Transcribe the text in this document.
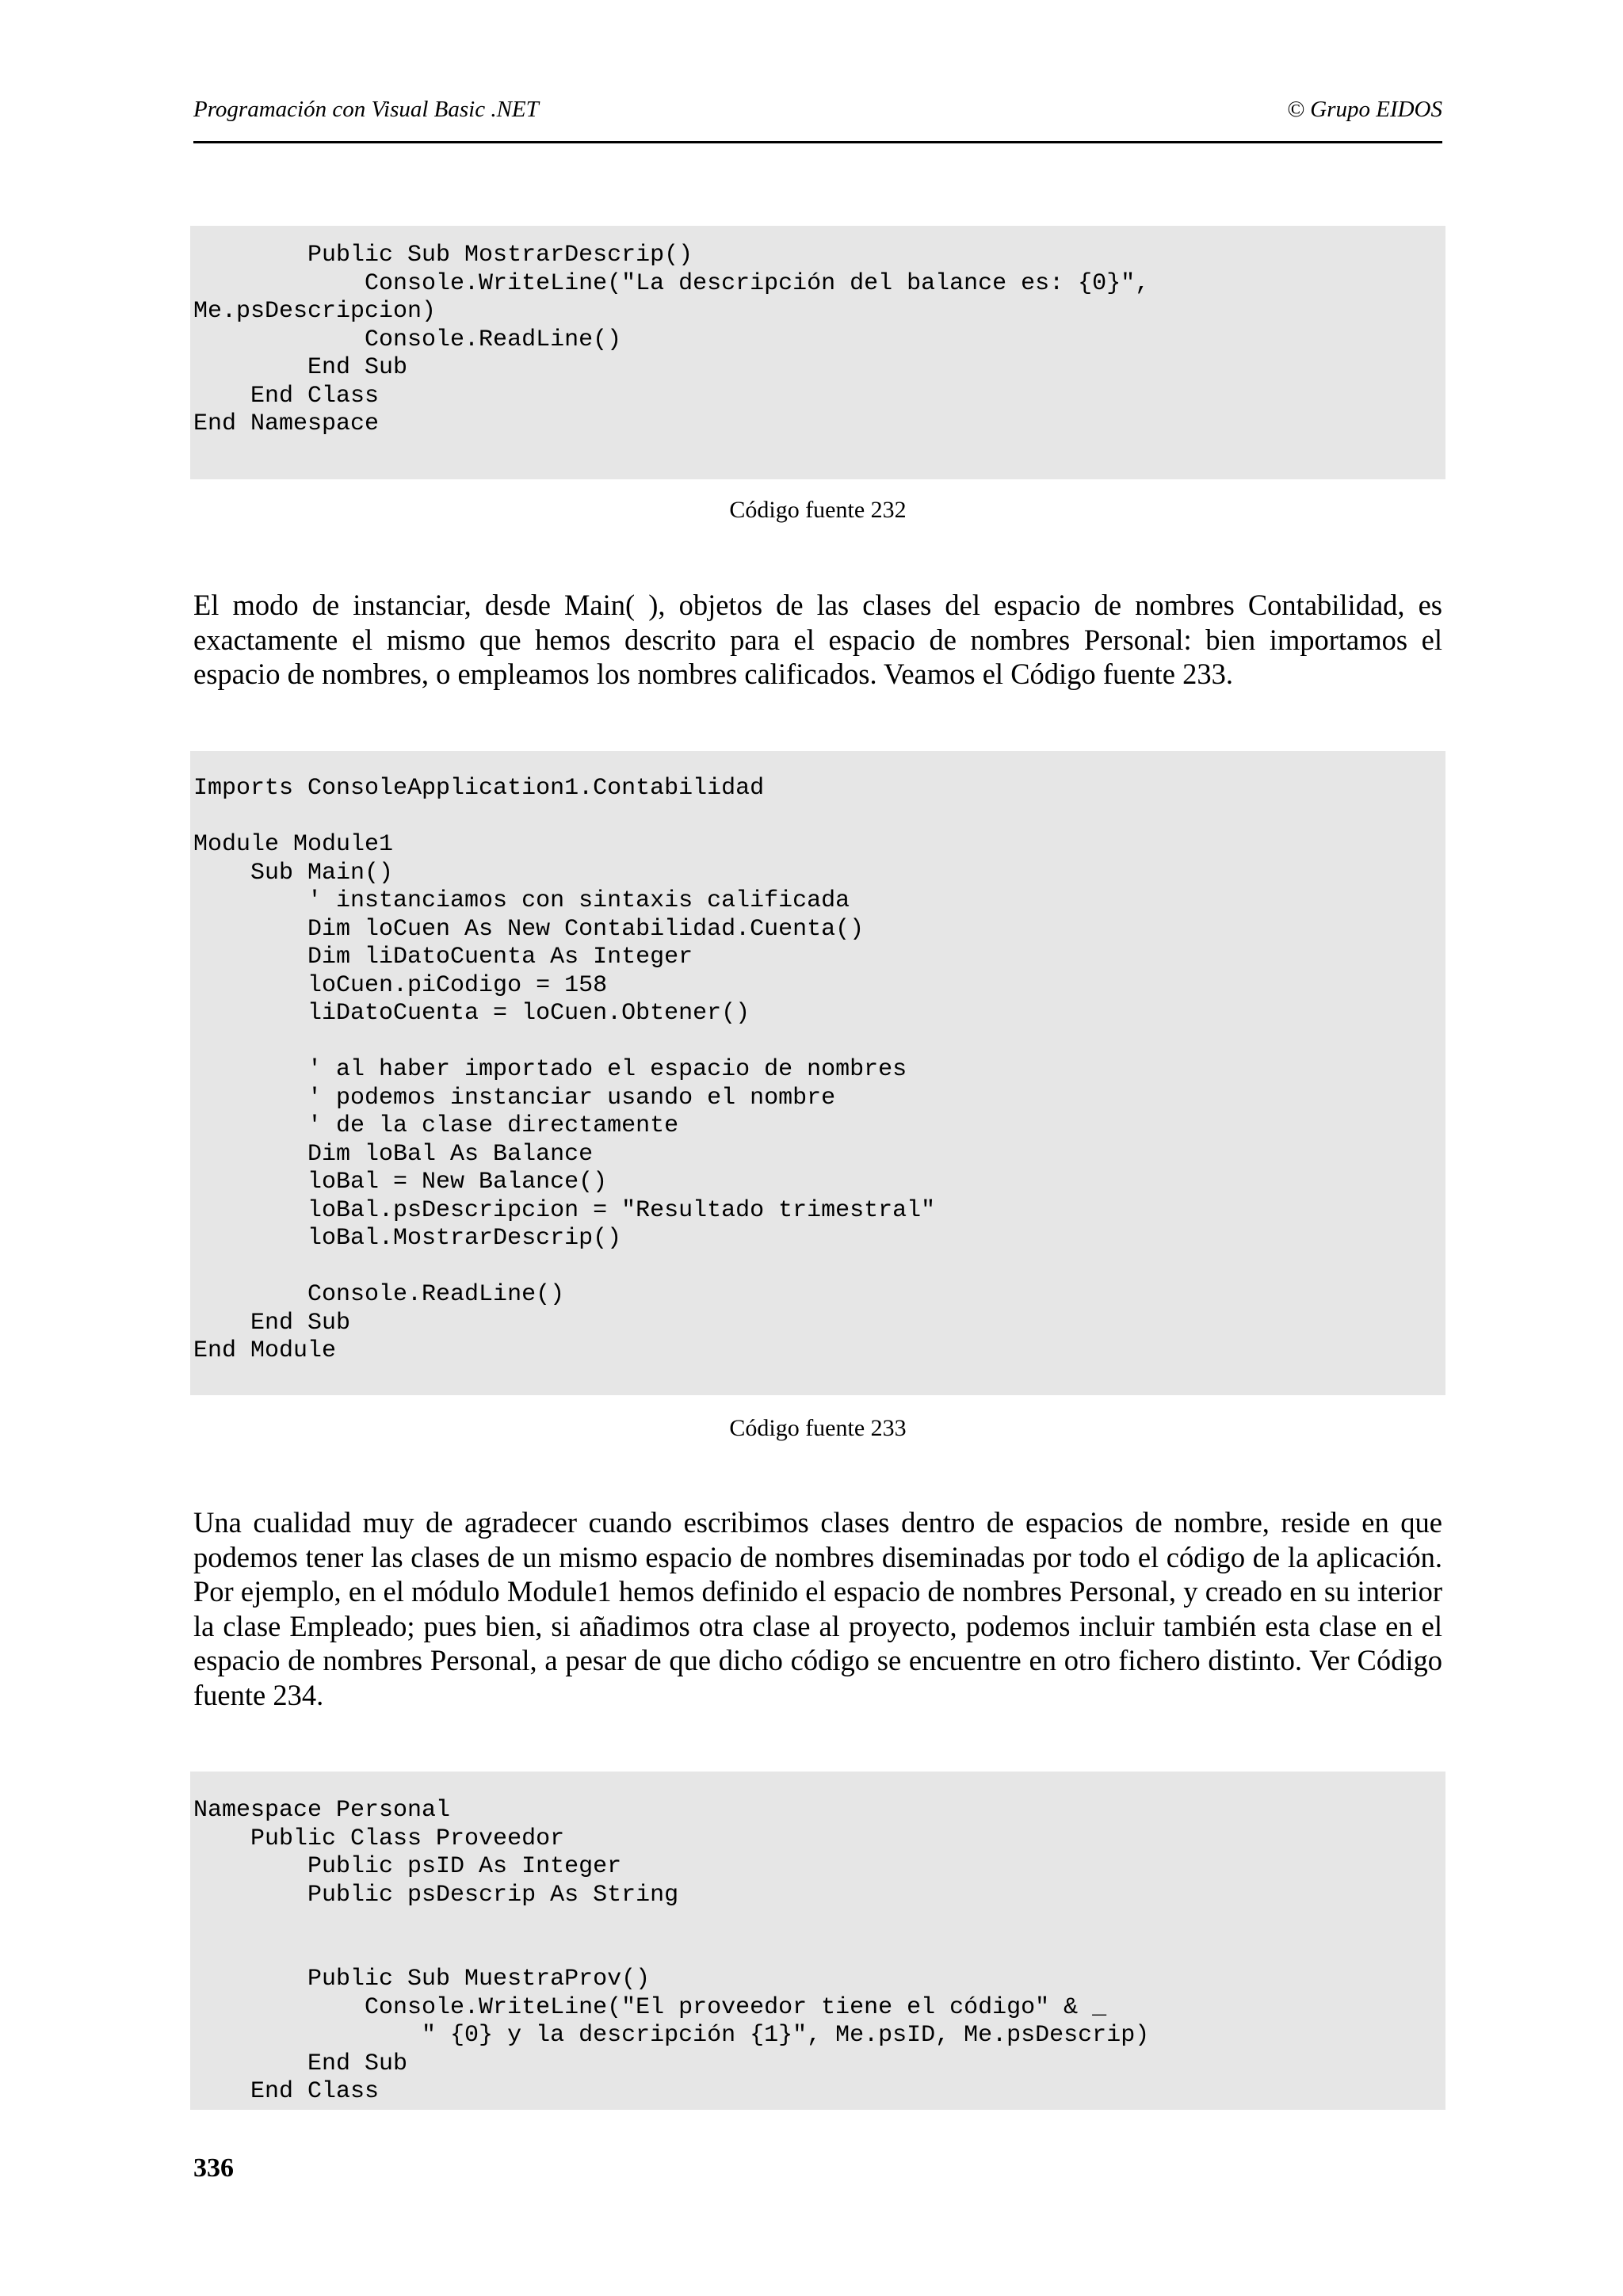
Programación con Visual Basic .NET	© Grupo EIDOS
Public Sub MostrarDescrip()
Console.WriteLine("La descripción del balance es: {0}",
Me.psDescripcion)
Console.ReadLine()
End Sub
End Class
End Namespace
Código fuente 232

El modo de instanciar, desde Main( ), objetos de las clases del espacio de nombres Contabilidad, es exactamente el mismo que hemos descrito para el espacio de nombres Personal: bien importamos el espacio de nombres, o empleamos los nombres calificados. Veamos el Código fuente 233.

Imports ConsoleApplication1.Contabilidad
Module Module1
Sub Main()
' instanciamos con sintaxis calificada
Dim loCuen As New Contabilidad.Cuenta()
Dim liDatoCuenta As Integer
loCuen.piCodigo = 158
liDatoCuenta = loCuen.Obtener()
' al haber importado el espacio de nombres
' podemos instanciar usando el nombre
' de la clase directamente
Dim loBal As Balance
loBal = New Balance()
loBal.psDescripcion = "Resultado trimestral"
loBal.MostrarDescrip()
Console.ReadLine()
End Sub
End Module
Código fuente 233

Una cualidad muy de agradecer cuando escribimos clases dentro de espacios de nombre, reside en que podemos tener las clases de un mismo espacio de nombres diseminadas por todo el código de la aplicación. Por ejemplo, en el módulo Module1 hemos definido el espacio de nombres Personal, y creado en su interior la clase Empleado; pues bien, si añadimos otra clase al proyecto, podemos incluir también esta clase en el espacio de nombres Personal, a pesar de que dicho código se encuentre en otro fichero distinto. Ver Código fuente 234.

Namespace Personal
Public Class Proveedor
Public psID As Integer
Public psDescrip As String
Public Sub MuestraProv()
Console.WriteLine("El proveedor tiene el código" & _
" {0} y la descripción {1}", Me.psID, Me.psDescrip)
End Sub
End Class
336
